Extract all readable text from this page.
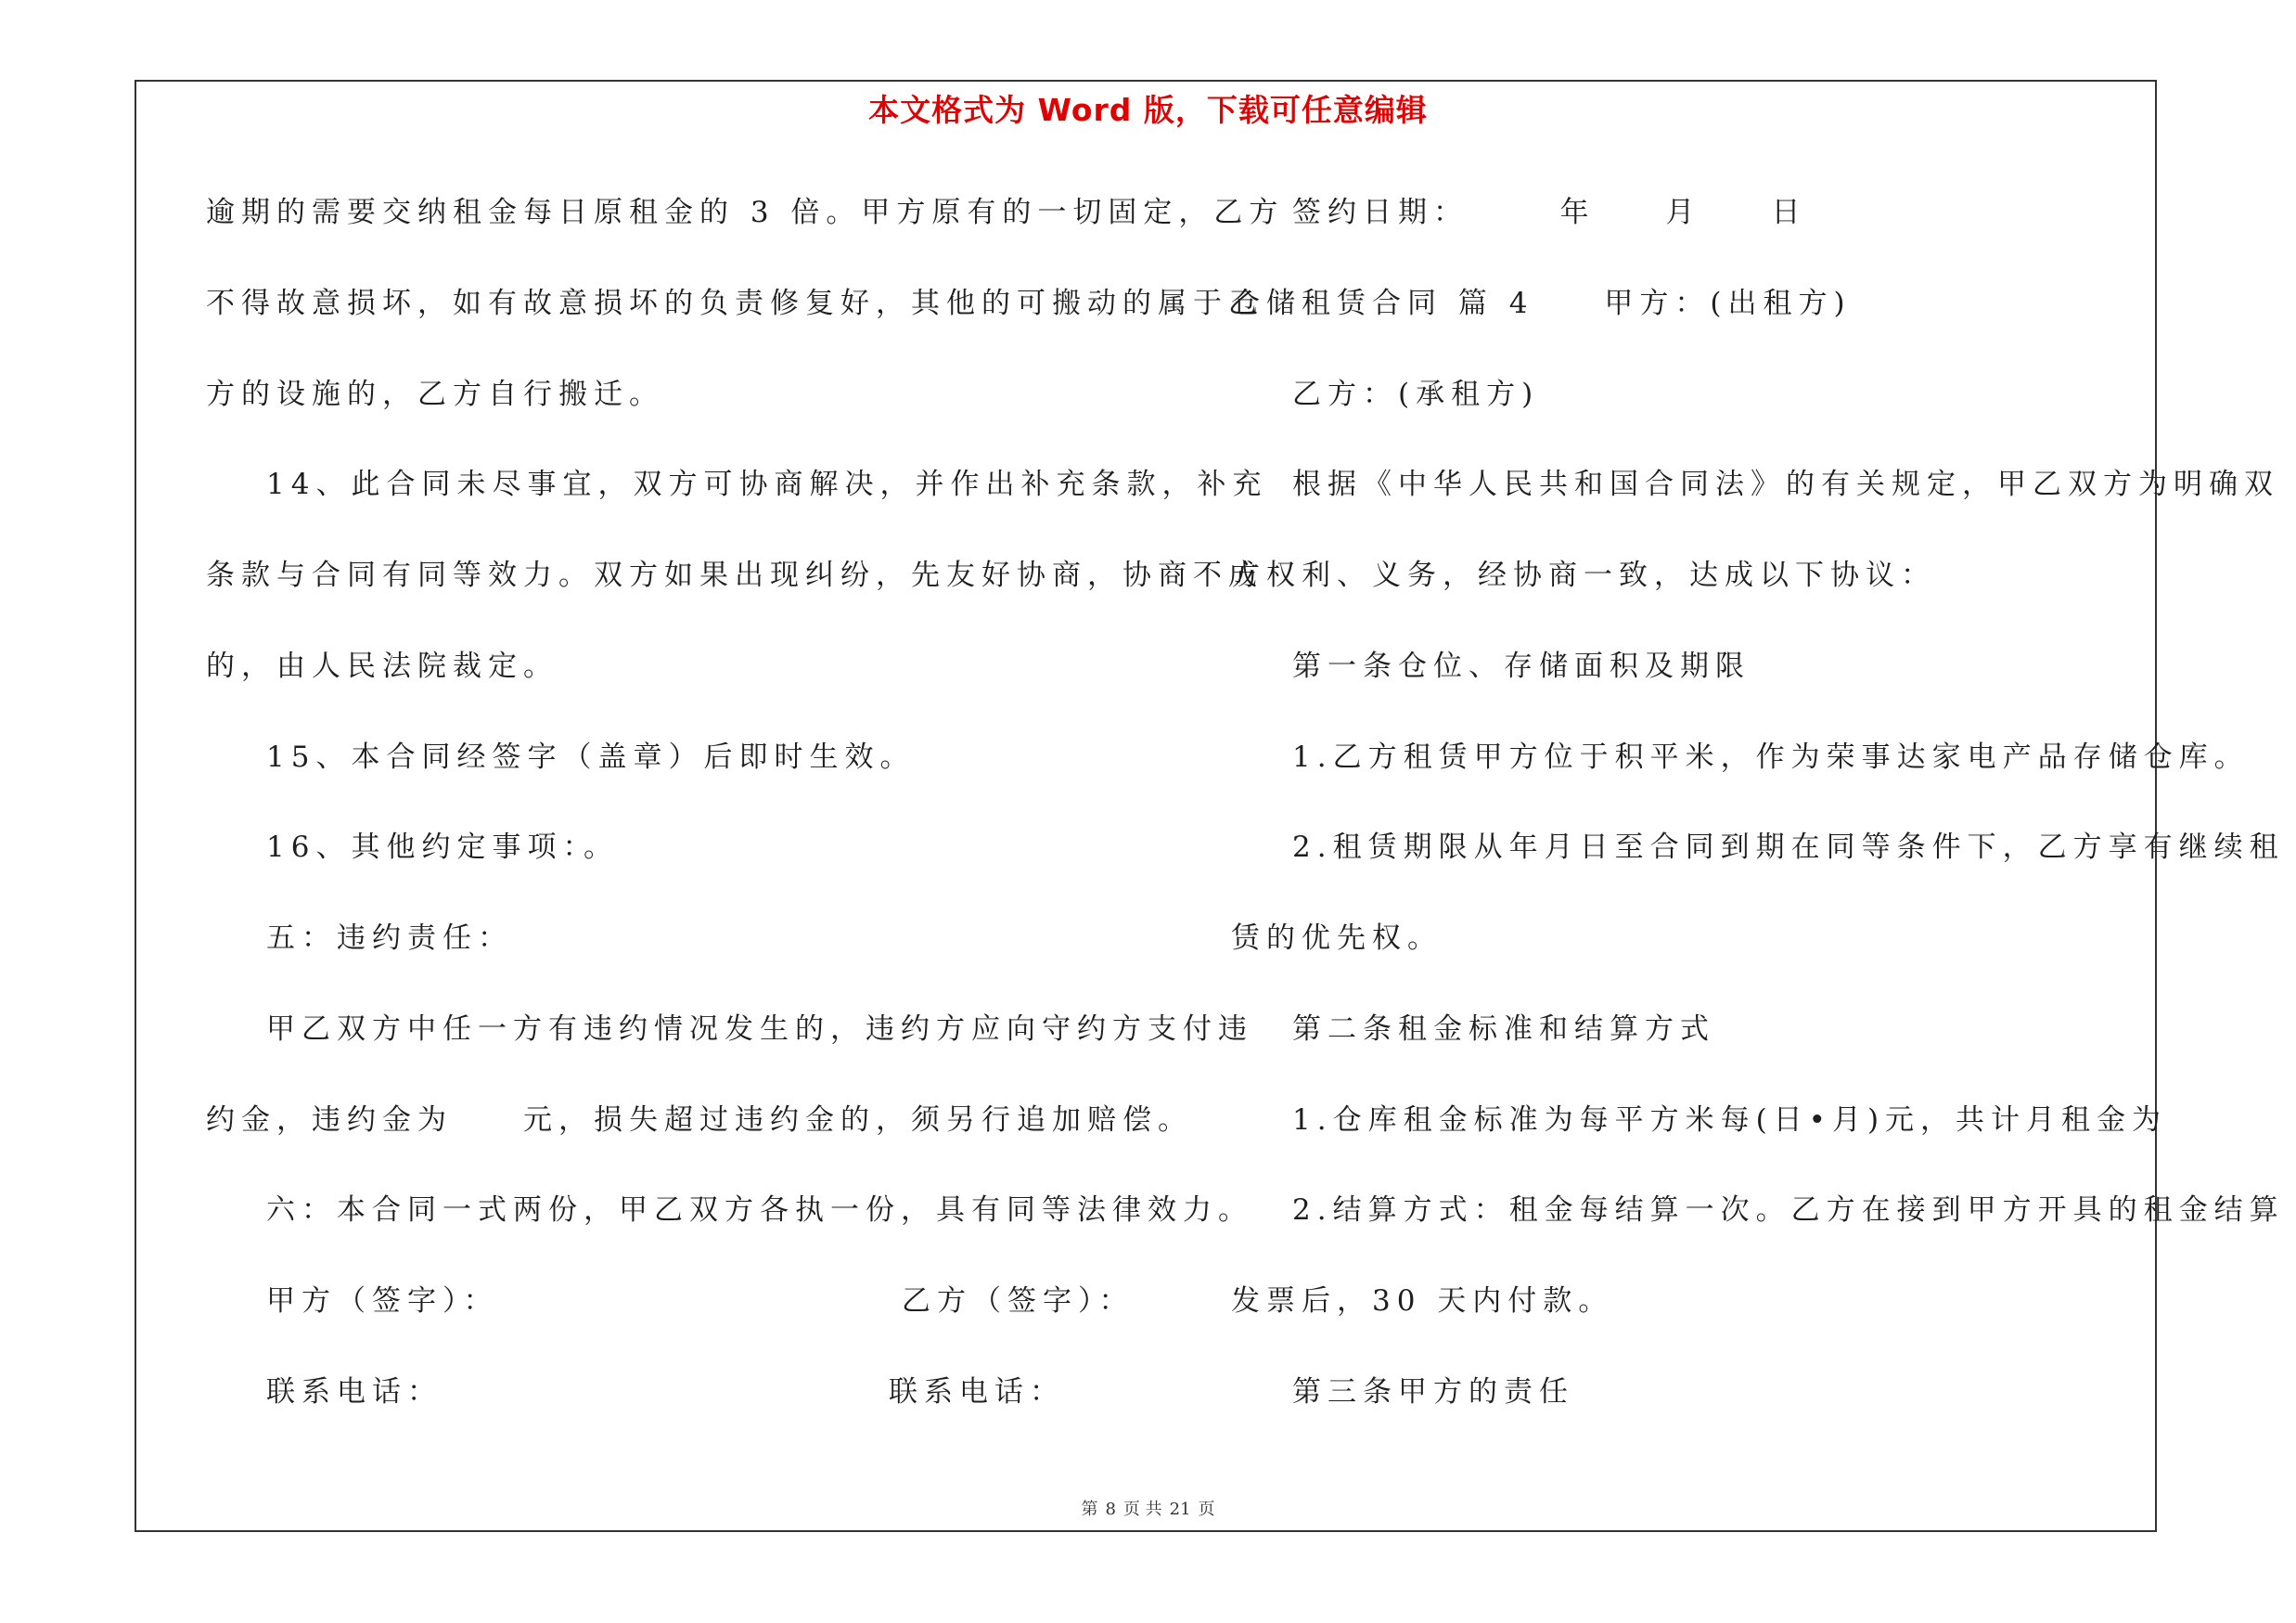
本文格式为 Word 版，下载可任意编辑
逾期的需要交纳租金每日原租金的 3 倍。甲方原有的一切固定，乙方
不得故意损坏，如有故意损坏的负责修复好，其他的可搬动的属于乙
方的设施的，乙方自行搬迁。
14、此合同未尽事宜，双方可协商解决，并作出补充条款，补充
条款与合同有同等效力。双方如果出现纠纷，先友好协商，协商不成
的，由人民法院裁定。
15、本合同经签字（盖章）后即时生效。
16、其他约定事项：。
五：违约责任：
甲乙双方中任一方有违约情况发生的，违约方应向守约方支付违
约金，违约金为　　元，损失超过违约金的，须另行追加赔偿。
六：本合同一式两份，甲乙双方各执一份，具有同等法律效力。
甲方（签字）：	乙方（签字）：
联系电话：	联系电话：
签约日期：　　　年　　月　　日
仓储租赁合同 篇 4　　甲方：(出租方)
乙方：(承租方)
根据《中华人民共和国合同法》的有关规定，甲乙双方为明确双
方权利、义务，经协商一致，达成以下协议：
第一条仓位、存储面积及期限
1.乙方租赁甲方位于积平米，作为荣事达家电产品存储仓库。
2.租赁期限从年月日至合同到期在同等条件下，乙方享有继续租
赁的优先权。
第二条租金标准和结算方式
1.仓库租金标准为每平方米每(日•月)元，共计月租金为
2.结算方式：租金每结算一次。乙方在接到甲方开具的租金结算
发票后，30 天内付款。
第三条甲方的责任
第 8 页 共 21 页
